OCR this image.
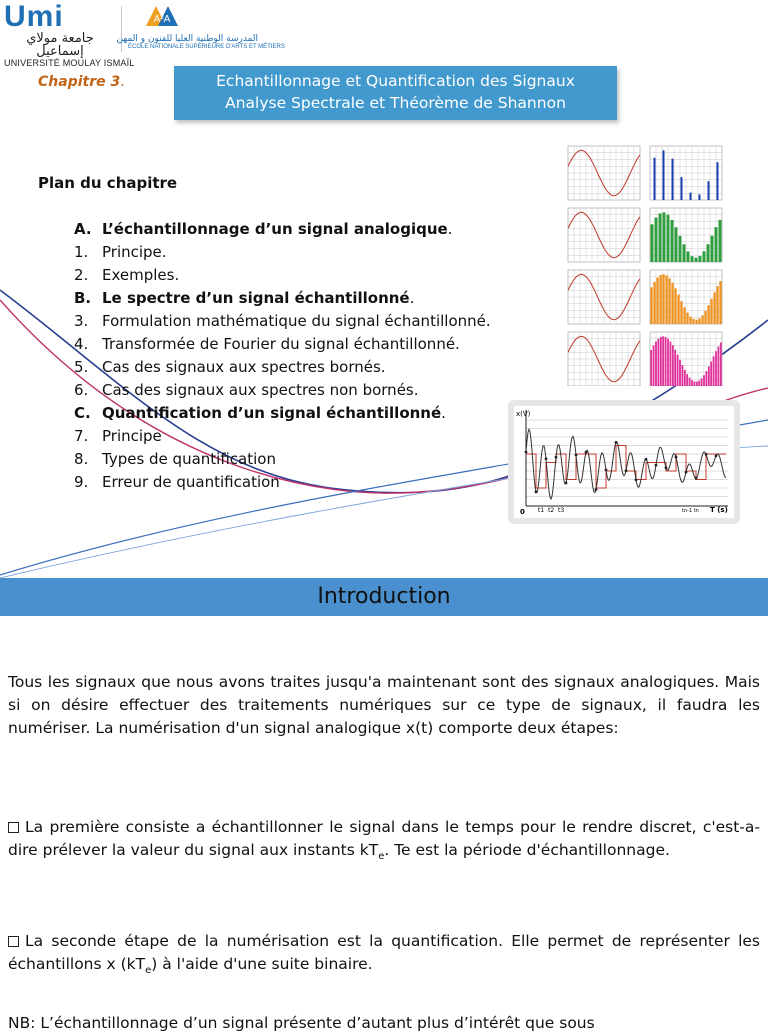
Umi
جامعة مولاي إسماعيل
UNIVERSITÉ MOULAY ISMAÏL
A²A
المدرسة الوطنية العليا للفنون و المهن
ÉCOLE NATIONALE SUPÉRIEURE D'ARTS ET MÉTIERS
Chapitre 3.	Echantillonnage et Quantification des Signaux
Analyse Spectrale et Théorème de Shannon
Plan du chapitre
A. L’échantillonnage d’un signal analogique.
1. Principe.
2. Exemples.
B. Le spectre d’un signal échantillonné.
3. Formulation mathématique du signal échantillonné.
4. Transformée de Fourier du signal échantillonné.
5. Cas des signaux aux spectres bornés.
6. Cas des signaux aux spectres non bornés.
C. Quantification d’un signal échantillonné.
7. Principe
8. Types de quantification
9. Erreur de quantification
x(V)
0 t1 t2 t3	tn-1 tn T (s)
Introduction
Tous les signaux que nous avons traites jusqu'a maintenant sont des signaux analogiques. Mais si on désire effectuer des traitements numériques sur ce type de signaux, il faudra les numériser. La numérisation d'un signal analogique x(t) comporte deux étapes:
La première consiste a échantillonner le signal dans le temps pour le rendre discret, c'est-a-dire prélever la valeur du signal aux instants $kT_e$. Te est la période d'échantillonnage.
La seconde étape de la numérisation est la quantification. Elle permet de représenter les échantillons x $(kT_e)$ à l'aide d'une suite binaire.
NB: L’échantillonnage d’un signal présente d’autant plus d’intérêt que sous
